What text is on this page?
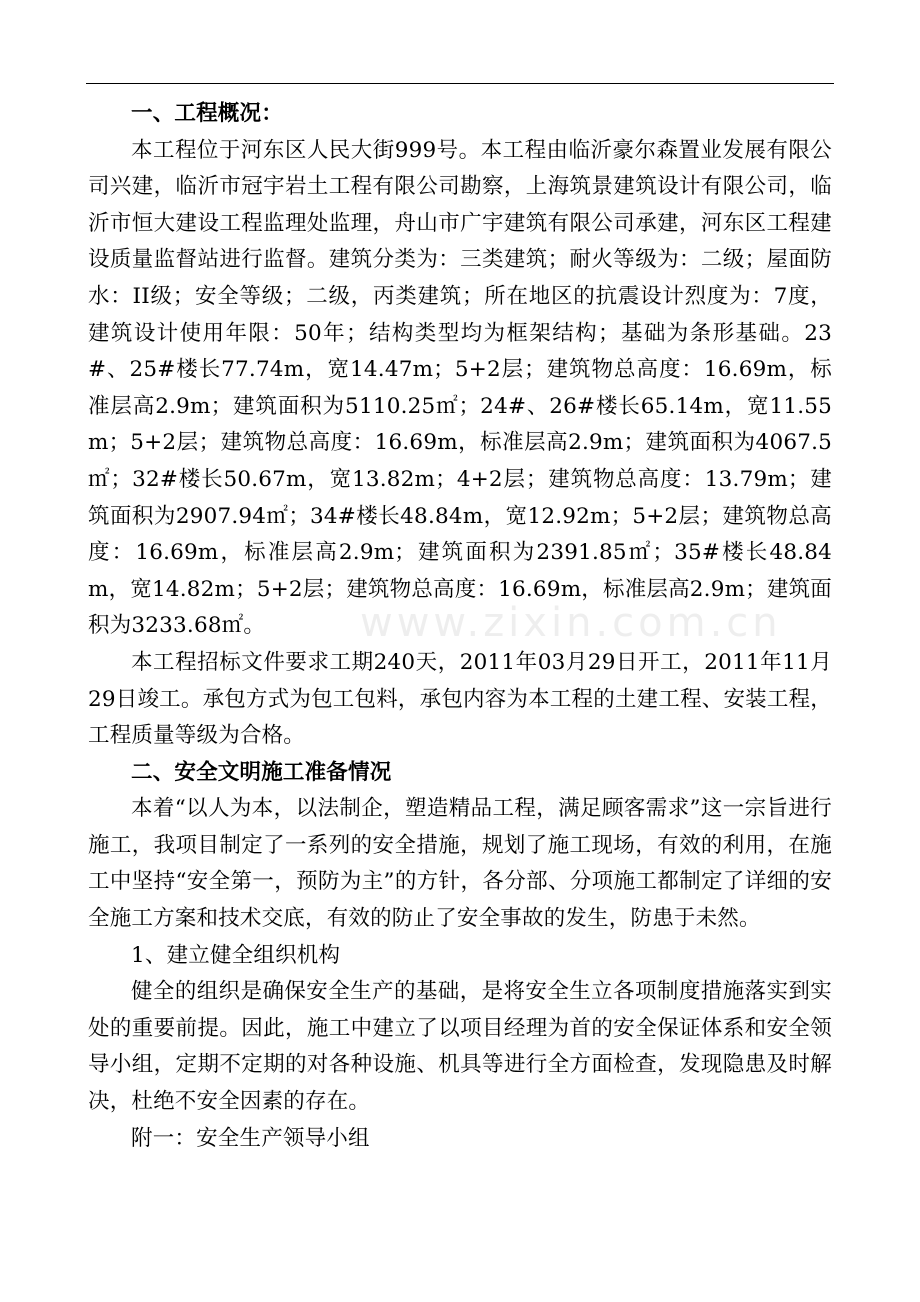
www.zixin.com.cn

一、工程概况：

本工程位于河东区人民大街999号。本工程由临沂豪尔森置业发展有限公司兴建，临沂市冠宇岩土工程有限公司勘察，上海筑景建筑设计有限公司，临沂市恒大建设工程监理处监理，舟山市广宇建筑有限公司承建，河东区工程建设质量监督站进行监督。建筑分类为：三类建筑；耐火等级为：二级；屋面防水：II级；安全等级；二级，丙类建筑；所在地区的抗震设计烈度为：7度，建筑设计使用年限：50年；结构类型均为框架结构；基础为条形基础。23#、25#楼长77.74m，宽14.47m；5+2层；建筑物总高度：16.69m，标准层高2.9m；建筑面积为5110.25㎡；24#、26#楼长65.14m，宽11.55m；5+2层；建筑物总高度：16.69m，标准层高2.9m；建筑面积为4067.5㎡；32#楼长50.67m，宽13.82m；4+2层；建筑物总高度：13.79m；建筑面积为2907.94㎡；34#楼长48.84m，宽12.92m；5+2层；建筑物总高度：16.69m，标准层高2.9m；建筑面积为2391.85㎡；35#楼长48.84m，宽14.82m；5+2层；建筑物总高度：16.69m，标准层高2.9m；建筑面积为3233.68㎡。

本工程招标文件要求工期240天，2011年03月29日开工，2011年11月29日竣工。承包方式为包工包料，承包内容为本工程的土建工程、安装工程，工程质量等级为合格。

二、安全文明施工准备情况

本着“以人为本，以法制企，塑造精品工程，满足顾客需求”这一宗旨进行施工，我项目制定了一系列的安全措施，规划了施工现场，有效的利用，在施工中坚持“安全第一，预防为主”的方针，各分部、分项施工都制定了详细的安全施工方案和技术交底，有效的防止了安全事故的发生，防患于未然。

1、建立健全组织机构

健全的组织是确保安全生产的基础，是将安全生立各项制度措施落实到实处的重要前提。因此，施工中建立了以项目经理为首的安全保证体系和安全领导小组，定期不定期的对各种设施、机具等进行全方面检查，发现隐患及时解决，杜绝不安全因素的存在。

附一：安全生产领导小组
